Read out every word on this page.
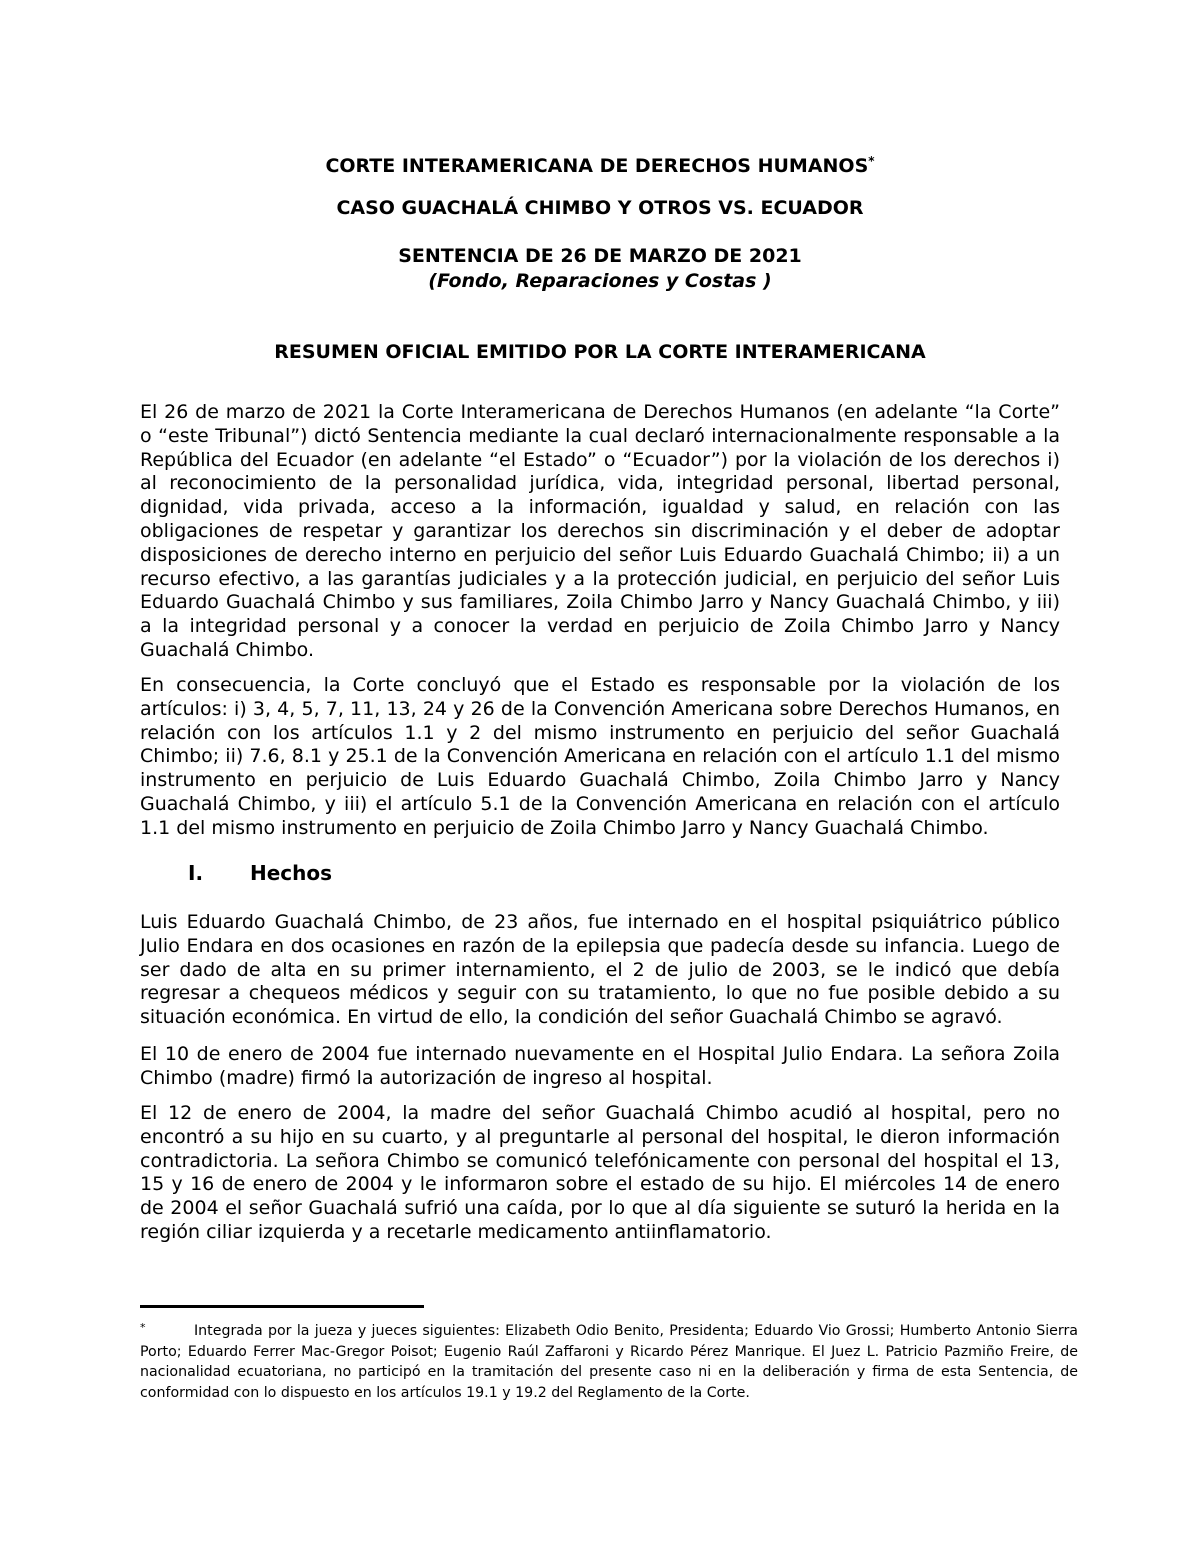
CORTE INTERAMERICANA DE DERECHOS HUMANOS*
CASO GUACHALÁ CHIMBO Y OTROS VS. ECUADOR
SENTENCIA DE 26 DE MARZO DE 2021
(Fondo, Reparaciones y Costas )
RESUMEN OFICIAL EMITIDO POR LA CORTE INTERAMERICANA
El 26 de marzo de 2021 la Corte Interamericana de Derechos Humanos (en adelante “la Corte” o “este Tribunal”) dictó Sentencia mediante la cual declaró internacionalmente responsable a la República del Ecuador (en adelante “el Estado” o “Ecuador”) por la violación de los derechos i) al reconocimiento de la personalidad jurídica, vida, integridad personal, libertad personal, dignidad, vida privada, acceso a la información, igualdad y salud, en relación con las obligaciones de respetar y garantizar los derechos sin discriminación y el deber de adoptar disposiciones de derecho interno en perjuicio del señor Luis Eduardo Guachalá Chimbo; ii) a un recurso efectivo, a las garantías judiciales y a la protección judicial, en perjuicio del señor Luis Eduardo Guachalá Chimbo y sus familiares, Zoila Chimbo Jarro y Nancy Guachalá Chimbo, y iii) a la integridad personal y a conocer la verdad en perjuicio de Zoila Chimbo Jarro y Nancy Guachalá Chimbo.
En consecuencia, la Corte concluyó que el Estado es responsable por la violación de los artículos: i) 3, 4, 5, 7, 11, 13, 24 y 26 de la Convención Americana sobre Derechos Humanos, en relación con los artículos 1.1 y 2 del mismo instrumento en perjuicio del señor Guachalá Chimbo; ii) 7.6, 8.1 y 25.1 de la Convención Americana en relación con el artículo 1.1 del mismo instrumento en perjuicio de Luis Eduardo Guachalá Chimbo, Zoila Chimbo Jarro y Nancy Guachalá Chimbo, y iii) el artículo 5.1 de la Convención Americana en relación con el artículo 1.1 del mismo instrumento en perjuicio de Zoila Chimbo Jarro y Nancy Guachalá Chimbo.
I. Hechos
Luis Eduardo Guachalá Chimbo, de 23 años, fue internado en el hospital psiquiátrico público Julio Endara en dos ocasiones en razón de la epilepsia que padecía desde su infancia. Luego de ser dado de alta en su primer internamiento, el 2 de julio de 2003, se le indicó que debía regresar a chequeos médicos y seguir con su tratamiento, lo que no fue posible debido a su situación económica. En virtud de ello, la condición del señor Guachalá Chimbo se agravó.
El 10 de enero de 2004 fue internado nuevamente en el Hospital Julio Endara. La señora Zoila Chimbo (madre) firmó la autorización de ingreso al hospital.
El 12 de enero de 2004, la madre del señor Guachalá Chimbo acudió al hospital, pero no encontró a su hijo en su cuarto, y al preguntarle al personal del hospital, le dieron información contradictoria. La señora Chimbo se comunicó telefónicamente con personal del hospital el 13, 15 y 16 de enero de 2004 y le informaron sobre el estado de su hijo. El miércoles 14 de enero de 2004 el señor Guachalá sufrió una caída, por lo que al día siguiente se suturó la herida en la región ciliar izquierda y a recetarle medicamento antiinflamatorio.
*	Integrada por la jueza y jueces siguientes: Elizabeth Odio Benito, Presidenta; Eduardo Vio Grossi; Humberto Antonio Sierra Porto; Eduardo Ferrer Mac-Gregor Poisot; Eugenio Raúl Zaffaroni y Ricardo Pérez Manrique. El Juez L. Patricio Pazmiño Freire, de nacionalidad ecuatoriana, no participó en la tramitación del presente caso ni en la deliberación y firma de esta Sentencia, de conformidad con lo dispuesto en los artículos 19.1 y 19.2 del Reglamento de la Corte.
